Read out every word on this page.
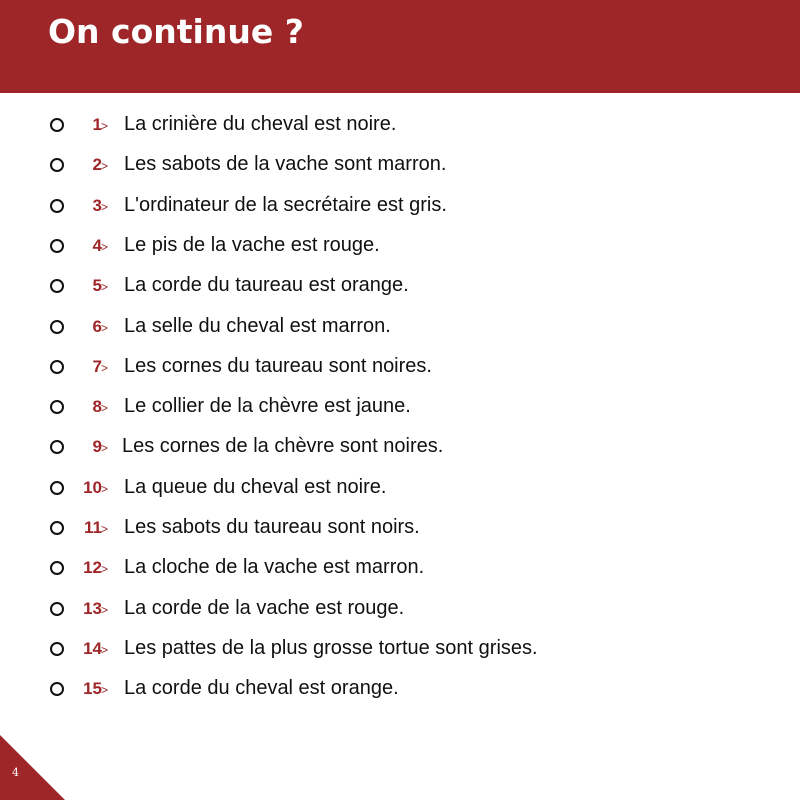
On continue ?
1 > La crinière du cheval est noire.
2 > Les sabots de la vache sont marron.
3 > L'ordinateur de la secrétaire est gris.
4 > Le pis de la vache est rouge.
5 > La corde du taureau est orange.
6 > La selle du cheval est marron.
7 > Les cornes du taureau sont noires.
8 > Le collier de la chèvre est jaune.
9 > Les cornes de la chèvre sont noires.
10 > La queue du cheval est noire.
11 > Les sabots du taureau sont noirs.
12 > La cloche de la vache est marron.
13 > La corde de la vache est rouge.
14 > Les pattes de la plus grosse tortue sont grises.
15 > La corde du cheval est orange.
4
